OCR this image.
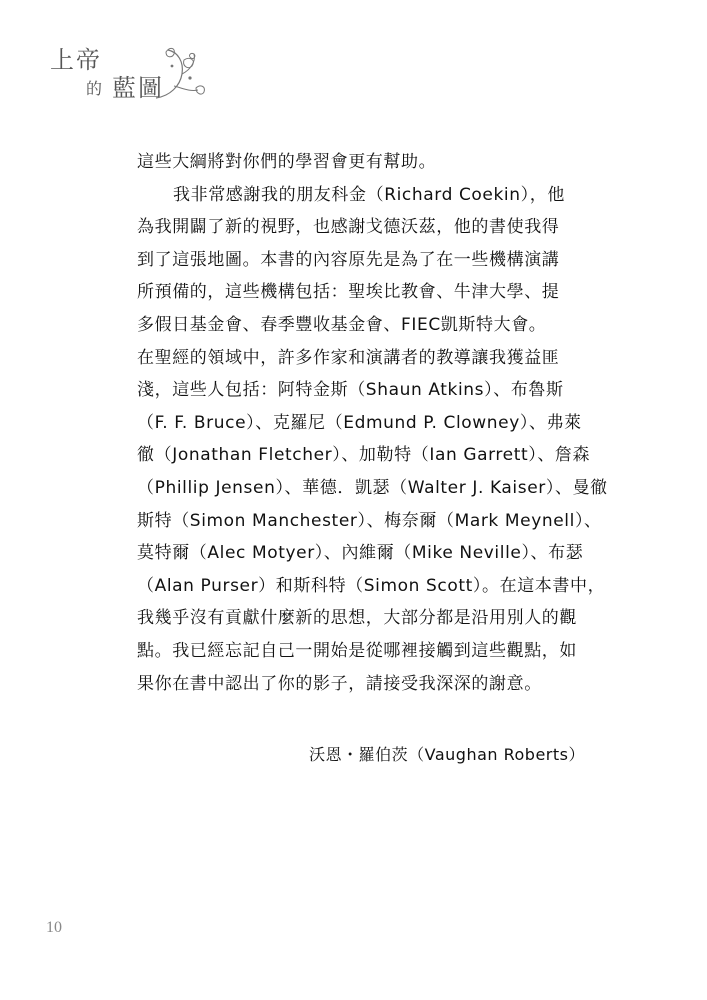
上帝
的 藍圖
這些大綱將對你們的學習會更有幫助。
我非常感謝我的朋友科金（Richard Coekin），他
為我開闢了新的視野，也感謝戈德沃茲，他的書使我得
到了這張地圖。本書的內容原先是為了在一些機構演講
所預備的，這些機構包括：聖埃比教會、牛津大學、提
多假日基金會、春季豐收基金會、FIEC凱斯特大會。
在聖經的領域中，許多作家和演講者的教導讓我獲益匪
淺，這些人包括：阿特金斯（Shaun Atkins）、布魯斯
（F. F. Bruce）、克羅尼（Edmund P. Clowney）、弗萊
徹（Jonathan Fletcher）、加勒特（Ian Garrett）、詹森
（Phillip Jensen）、華德．凱瑟（Walter J. Kaiser）、曼徹
斯特（Simon Manchester）、梅奈爾（Mark Meynell）、
莫特爾（Alec Motyer）、內維爾（Mike Neville）、布瑟
（Alan Purser）和斯科特（Simon Scott）。在這本書中，
我幾乎沒有貢獻什麼新的思想，大部分都是沿用別人的觀
點。我已經忘記自己一開始是從哪裡接觸到這些觀點，如
果你在書中認出了你的影子，請接受我深深的謝意。
沃恩・羅伯茨（Vaughan Roberts）
10
